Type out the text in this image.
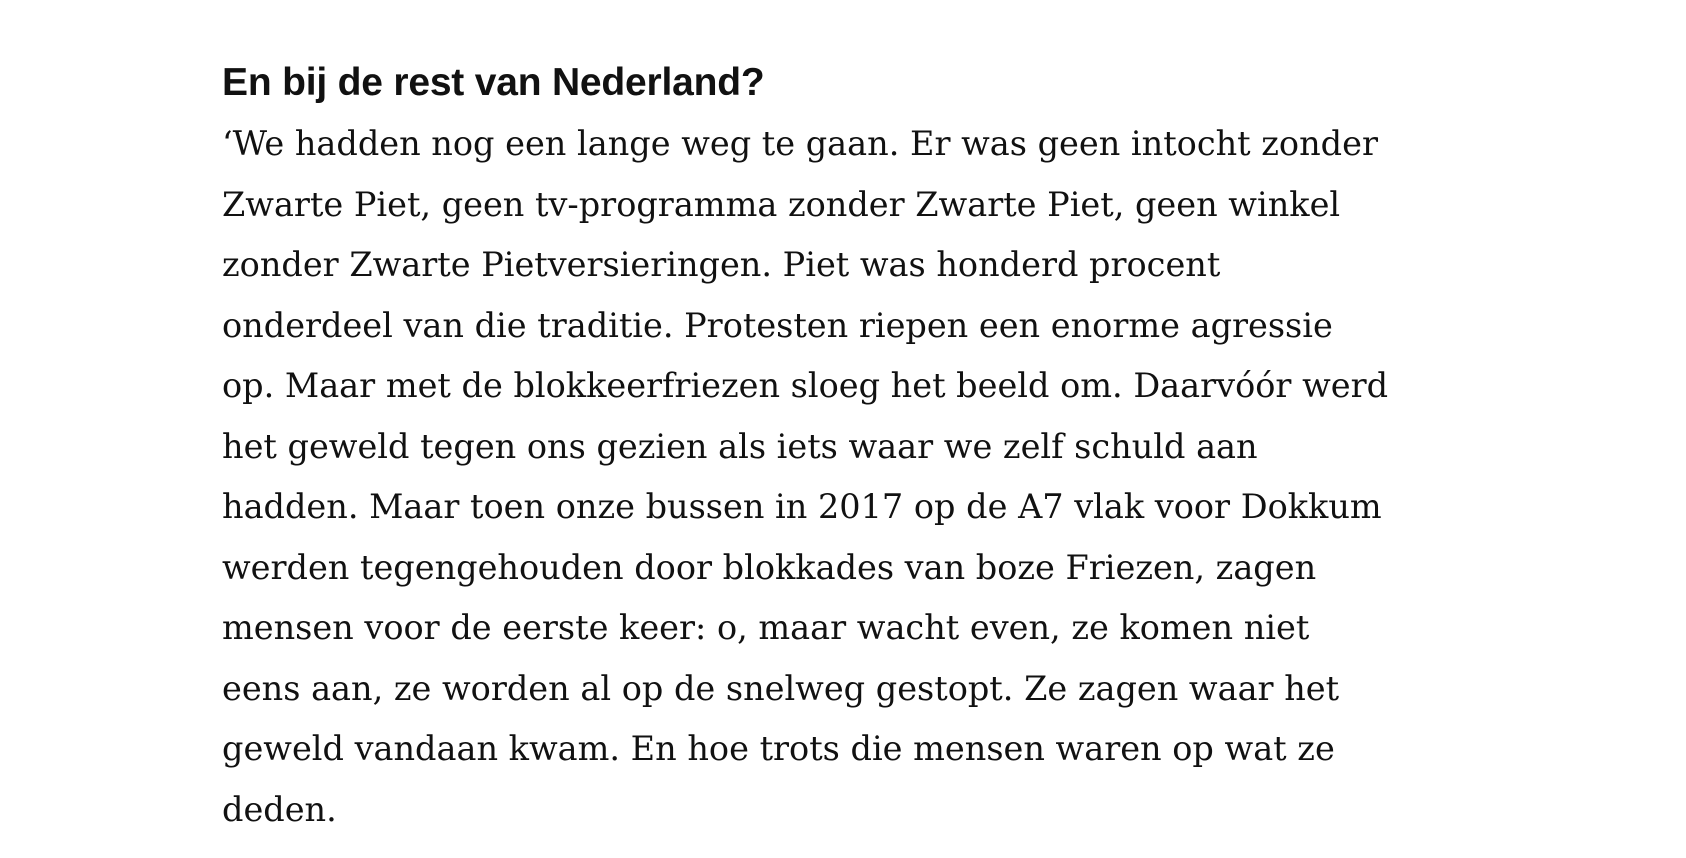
En bij de rest van Nederland?

‘We hadden nog een lange weg te gaan. Er was geen intocht zonder
Zwarte Piet, geen tv-programma zonder Zwarte Piet, geen winkel
zonder Zwarte Pietversieringen. Piet was honderd procent
onderdeel van die traditie. Protesten riepen een enorme agressie
op. Maar met de blokkeerfriezen sloeg het beeld om. Daarvóór werd
het geweld tegen ons gezien als iets waar we zelf schuld aan
hadden. Maar toen onze bussen in 2017 op de A7 vlak voor Dokkum
werden tegengehouden door blokkades van boze Friezen, zagen
mensen voor de eerste keer: o, maar wacht even, ze komen niet
eens aan, ze worden al op de snelweg gestopt. Ze zagen waar het
geweld vandaan kwam. En hoe trots die mensen waren op wat ze
deden.
